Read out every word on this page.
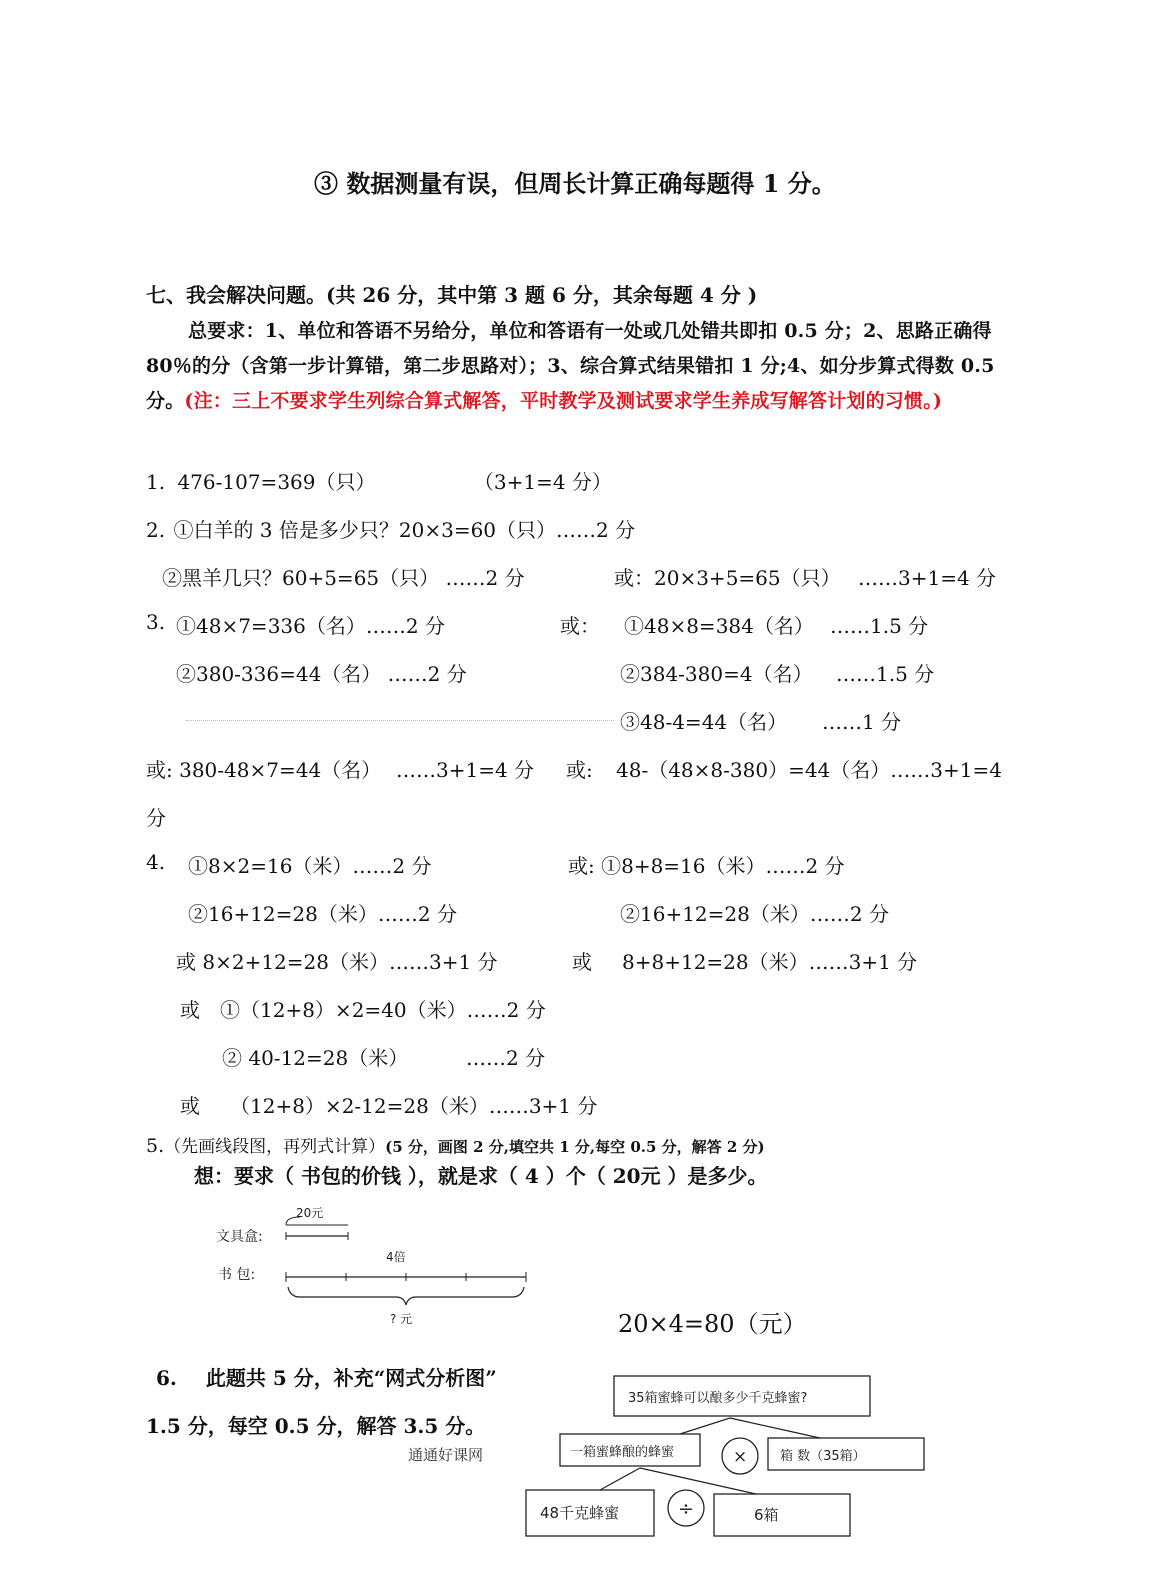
③ 数据测量有误，但周长计算正确每题得 1 分。
七、我会解决问题。(共 26 分，其中第 3 题 6 分，其余每题 4 分 )
总要求：1、单位和答语不另给分，单位和答语有一处或几处错共即扣 0.5 分；2、思路正确得 80％的分（含第一步计算错，第二步思路对）；3、综合算式结果错扣 1 分;4、如分步算式得数 0.5 分。(注：三上不要求学生列综合算式解答，平时教学及测试要求学生养成写解答计划的习惯。)
1. 476-107=369（只）	（3+1=4 分）
2. ①白羊的 3 倍是多少只？20×3=60（只）……2 分
②黑羊几只？60+5=65（只） ……2 分	或：20×3+5=65（只） ……3+1=4 分
3. ①48×7=336（名）……2 分	或： ①48×8=384（名） ……1.5 分
②380-336=44（名） ……2 分	②384-380=4（名） ……1.5 分
③48-4=44（名） ……1 分
或: 380-48×7=44（名） ……3+1=4 分 或: 48-（48×8-380）=44（名）……3+1=4
分
4. ①8×2=16（米）……2 分	或: ①8+8=16（米）……2 分
②16+12=28（米）……2 分	②16+12=28（米）……2 分
或 8×2+12=28（米）……3+1 分	或 8+8+12=28（米）……3+1 分
或 ①（12+8）×2=40（米）……2 分
② 40-12=28（米）	……2 分
或 （12+8）×2-12=28（米）……3+1 分
5.（先画线段图，再列式计算）(5 分，画图 2 分,填空共 1 分,每空 0.5 分，解答 2 分)
想：要求（ 书包的价钱 ），就是求（ 4 ）个（ 20元 ）是多少。
20元
文具盒:
4倍
书 包:
? 元	20×4=80（元）
6. 此题共 5 分，补充“网式分析图”
1.5 分，每空 0.5 分，解答 3.5 分。
35箱蜜蜂可以酿多少千克蜂蜜?
一箱蜜蜂酿的蜂蜜	×	箱 数（35箱）
48千克蜂蜜	÷	6箱
通通好课网
